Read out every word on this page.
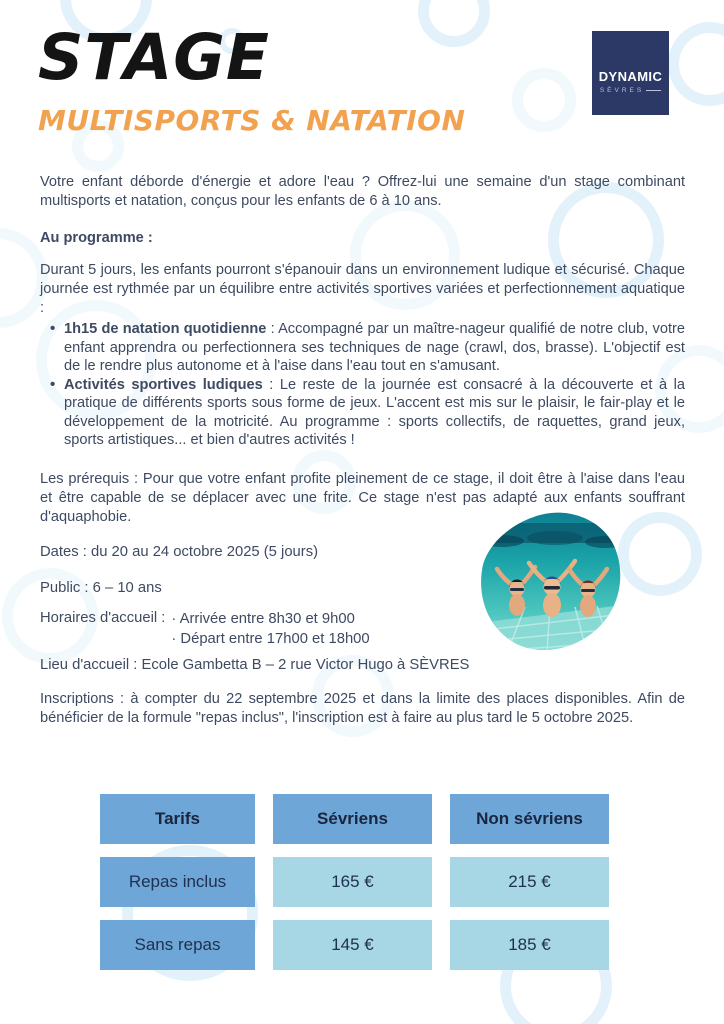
STAGE
MULTISPORTS & NATATION
DYNAMIC
SÈVRES

Votre enfant déborde d'énergie et adore l'eau ? Offrez-lui une semaine d'un stage combinant multisports et natation, conçus pour les enfants de 6 à 10 ans.

Au programme :

Durant 5 jours, les enfants pourront s'épanouir dans un environnement ludique et sécurisé. Chaque journée est rythmée par un équilibre entre activités sportives variées et perfectionnement aquatique :

• 1h15 de natation quotidienne : Accompagné par un maître-nageur qualifié de notre club, votre enfant apprendra ou perfectionnera ses techniques de nage (crawl, dos, brasse). L'objectif est de le rendre plus autonome et à l'aise dans l'eau tout en s'amusant.
• Activités sportives ludiques : Le reste de la journée est consacré à la découverte et à la pratique de différents sports sous forme de jeux. L'accent est mis sur le plaisir, le fair-play et le développement de la motricité. Au programme : sports collectifs, de raquettes, grand jeux, sports artistiques... et bien d'autres activités !

Les prérequis : Pour que votre enfant profite pleinement de ce stage, il doit être à l'aise dans l'eau et être capable de se déplacer avec une frite. Ce stage n'est pas adapté aux enfants souffrant d'aquaphobie.

Dates : du 20 au 24 octobre 2025 (5 jours)
Public : 6 – 10 ans
Horaires d'accueil : · Arrivée entre 8h30 et 9h00
· Départ entre 17h00 et 18h00
Lieu d'accueil : Ecole Gambetta B – 2 rue Victor Hugo à SÈVRES

Inscriptions : à compter du 22 septembre 2025 et dans la limite des places disponibles. Afin de bénéficier de la formule "repas inclus", l'inscription est à faire au plus tard le 5 octobre 2025.

Tarifs	Sévriens	Non sévriens
Repas inclus	165 €	215 €
Sans repas	145 €	185 €
